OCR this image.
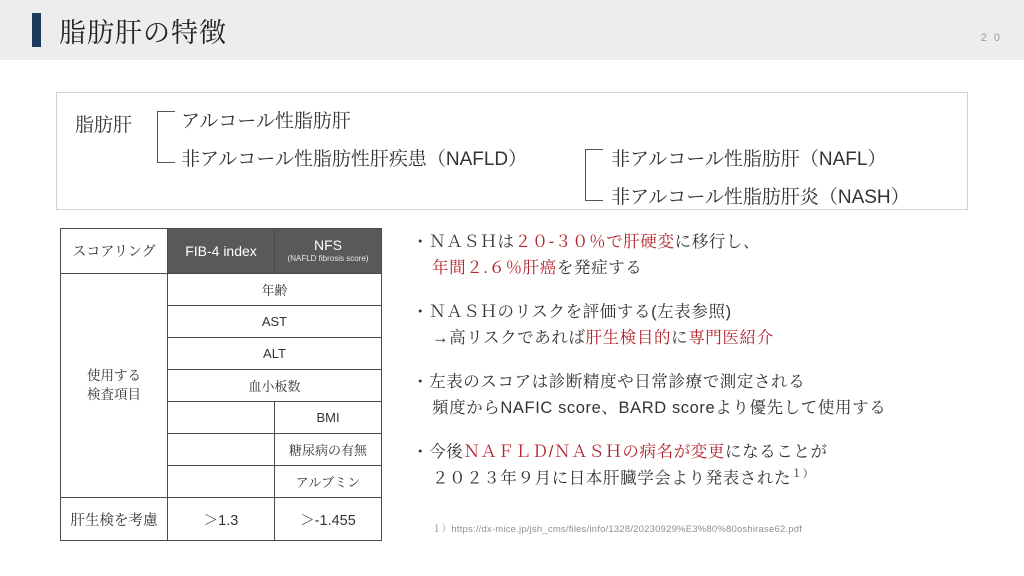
脂肪肝の特徴	2 0
脂肪肝	アルコール性脂肪肝
非アルコール性脂肪性肝疾患（NAFLD）	非アルコール性脂肪肝（NAFL）
非アルコール性脂肪肝炎（NASH）
スコアリング	FIB-4 index	NFS
(NAFLD fibrosis score)

使用する
検査項目	年齢	
	AST	
	ALT	
	血小板数	
		BMI
		糖尿病の有無
		アルブミン
肝生検を考慮	＞1.3	＞-1.455
・ＮＡＳＨは２０-３０％で肝硬変に移行し、
年間２.６％肝癌を発症する
・ＮＡＳＨのリスクを評価する(左表参照)
→高リスクであれば肝生検目的に専門医紹介
・左表のスコアは診断精度や日常診療で測定される
頻度からNAFIC score、BARD scoreより優先して使用する
・今後ＮＡＦＬＤ/ＮＡＳＨの病名が変更になることが
２０２３年９月に日本肝臓学会より発表された$^{1)}$
１）https://dx-mice.jp/jsh_cms/files/info/1328/20230929%E3%80%80oshirase62.pdf
